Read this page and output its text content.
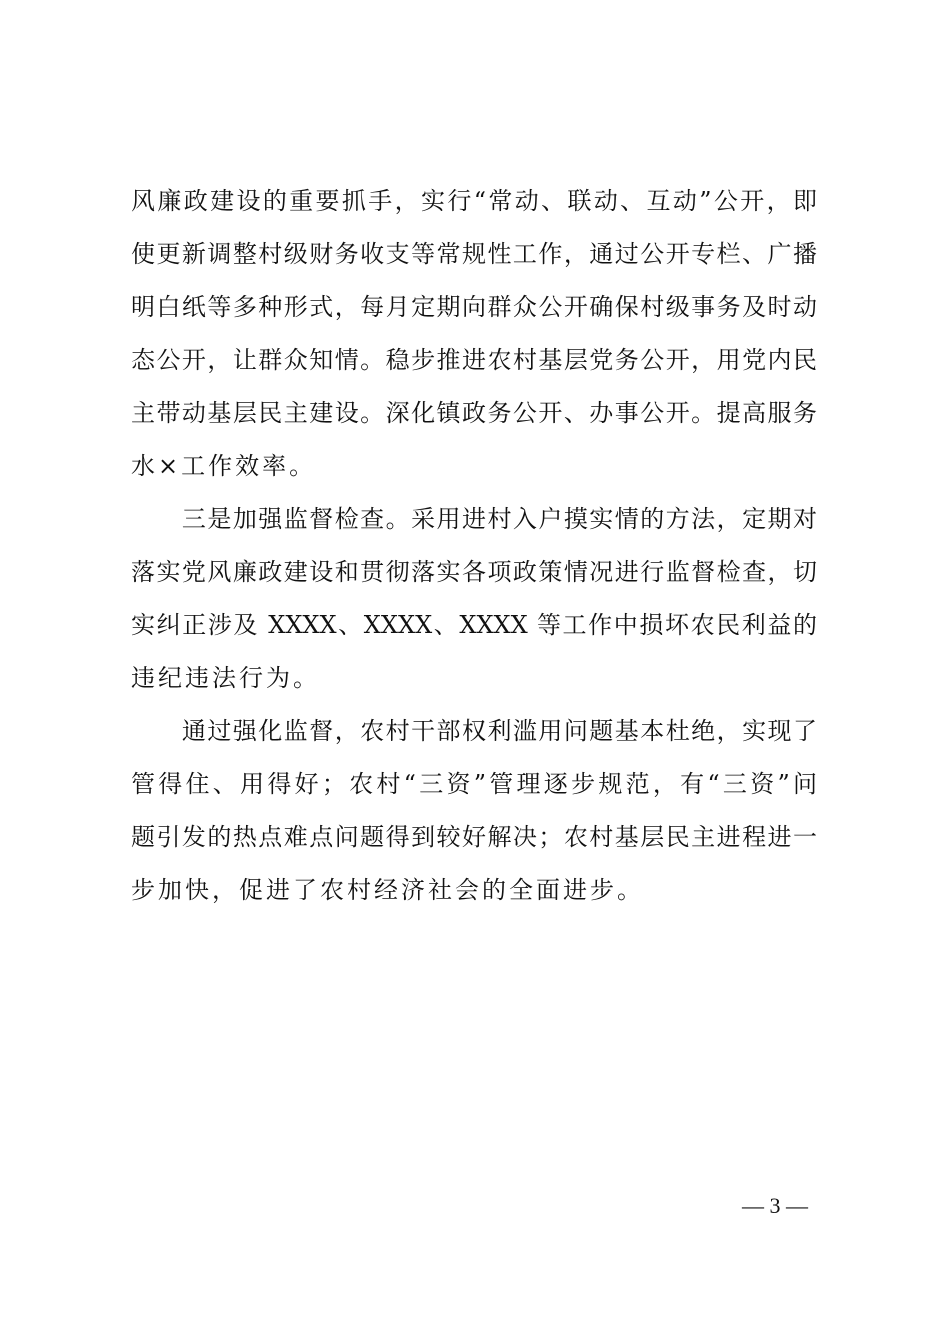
风廉政建设的重要抓手，实行“常动、联动、互动”公开，即
使更新调整村级财务收支等常规性工作，通过公开专栏、广播
明白纸等多种形式，每月定期向群众公开确保村级事务及时动
态公开，让群众知情。稳步推进农村基层党务公开，用党内民
主带动基层民主建设。深化镇政务公开、办事公开。提高服务
水×工作效率。
　　三是加强监督检查。采用进村入户摸实情的方法，定期对
落实党风廉政建设和贯彻落实各项政策情况进行监督检查，切
实纠正涉及 XXXX、XXXX、XXXX 等工作中损坏农民利益的
违纪违法行为。
　　通过强化监督，农村干部权利滥用问题基本杜绝，实现了
管得住、用得好；农村“三资”管理逐步规范，有“三资”问
题引发的热点难点问题得到较好解决；农村基层民主进程进一
步加快，促进了农村经济社会的全面进步。
— 3 —
